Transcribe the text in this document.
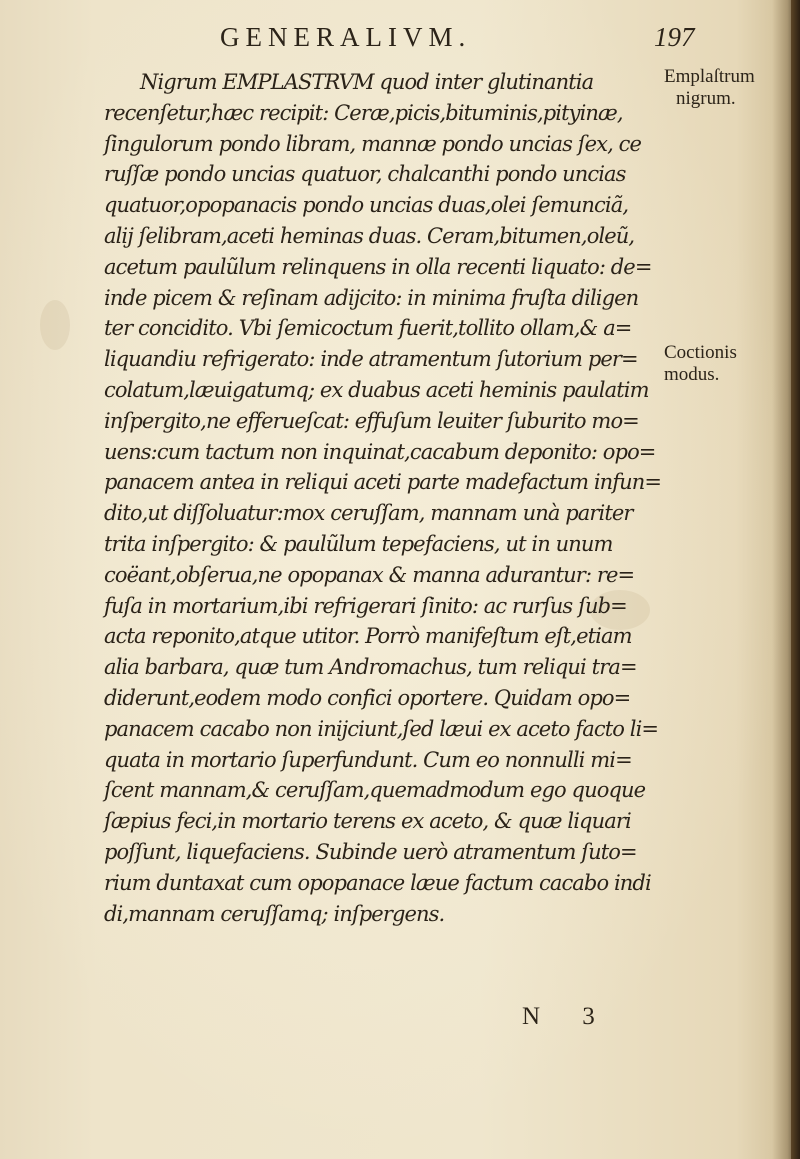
GENERALIVM.	197
Nigrum EMPLASTRVM quod inter glutinantia
recenſetur,hæc recipit: Ceræ,picis,bituminis,pityinæ,
ſingulorum pondo libram, mannæ pondo uncias ſex, ce
ruſſæ pondo uncias quatuor, chalcanthi pondo uncias
quatuor,opopanacis pondo uncias duas,olei ſemunciã,
alij ſelibram,aceti heminas duas. Ceram,bitumen,oleũ,
acetum paulũlum relinquens in olla recenti liquato: de=
inde picem & reſinam adijcito: in minima fruſta diligen
ter concidito. Vbi ſemicoctum fuerit,tollito ollam,& a=
liquandiu refrigerato: inde atramentum ſutorium per=
colatum,læuigatumq; ex duabus aceti heminis paulatim
inſpergito,ne efferueſcat: effuſum leuiter ſuburito mo=
uens:cum tactum non inquinat,cacabum deponito: opo=
panacem antea in reliqui aceti parte madefactum infun=
dito,ut diſſoluatur:mox ceruſſam, mannam unà pariter
trita inſpergito: & paulũlum tepefaciens, ut in unum
coëant,obſerua,ne opopanax & manna adurantur: re=
fuſa in mortarium,ibi refrigerari ſinito: ac rurſus ſub=
acta reponito,atque utitor. Porrò manifeſtum eſt,etiam
alia barbara, quæ tum Andromachus, tum reliqui tra=
diderunt,eodem modo confici oportere. Quidam opo=
panacem cacabo non inijciunt,ſed læui ex aceto facto li=
quata in mortario ſuperfundunt. Cum eo nonnulli mi=
ſcent mannam,& ceruſſam,quemadmodum ego quoque
ſæpius feci,in mortario terens ex aceto, & quæ liquari
poſſunt, liquefaciens. Subinde uerò atramentum ſuto=
rium duntaxat cum opopanace læue factum cacabo indi
di,mannam ceruſſamq; inſpergens.
Emplaſtrum
nigrum.
Coctionis
modus.
N 3
